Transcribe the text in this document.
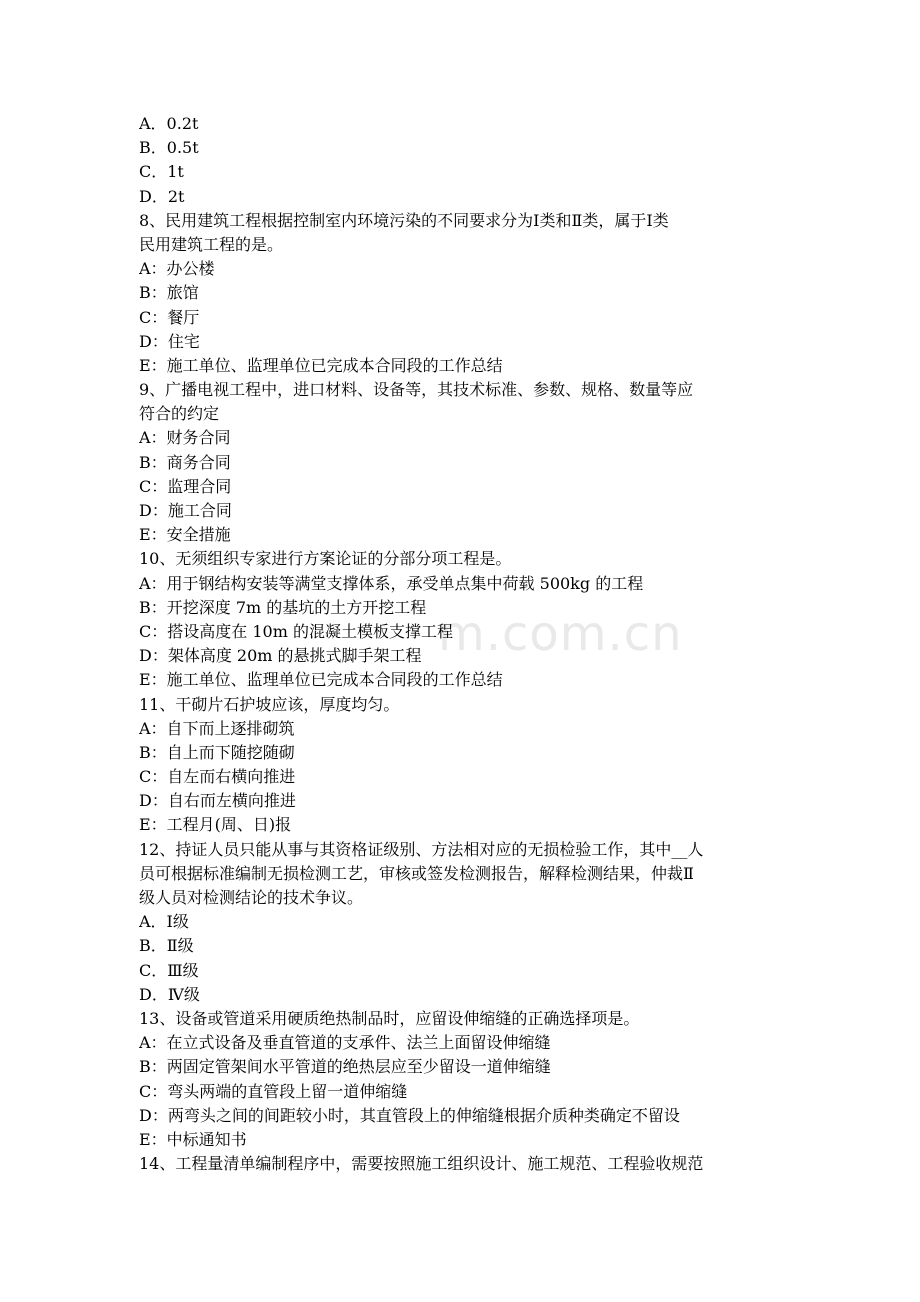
m.com.cn
A．0.2t
B．0.5t
C．1t
D．2t
8、民用建筑工程根据控制室内环境污染的不同要求分为Ⅰ类和Ⅱ类，属于Ⅰ类
民用建筑工程的是。
A：办公楼
B：旅馆
C：餐厅
D：住宅
E：施工单位、监理单位已完成本合同段的工作总结
9、广播电视工程中，进口材料、设备等，其技术标准、参数、规格、数量等应
符合的约定
A：财务合同
B：商务合同
C：监理合同
D：施工合同
E：安全措施
10、无须组织专家进行方案论证的分部分项工程是。
A：用于钢结构安装等满堂支撑体系，承受单点集中荷载 500kg 的工程
B：开挖深度 7m 的基坑的土方开挖工程
C：搭设高度在 10m 的混凝土模板支撑工程
D：架体高度 20m 的悬挑式脚手架工程
E：施工单位、监理单位已完成本合同段的工作总结
11、干砌片石护坡应该，厚度均匀。
A：自下而上逐排砌筑
B：自上而下随挖随砌
C：自左而右横向推进
D：自右而左横向推进
E：工程月(周、日)报
12、持证人员只能从事与其资格证级别、方法相对应的无损检验工作，其中__人
员可根据标准编制无损检测工艺，审核或签发检测报告，解释检测结果，仲裁Ⅱ
级人员对检测结论的技术争议。
A．Ⅰ级
B．Ⅱ级
C．Ⅲ级
D．Ⅳ级
13、设备或管道采用硬质绝热制品时，应留设伸缩缝的正确选择项是。
A：在立式设备及垂直管道的支承件、法兰上面留设伸缩缝
B：两固定管架间水平管道的绝热层应至少留设一道伸缩缝
C：弯头两端的直管段上留一道伸缩缝
D：两弯头之间的间距较小时，其直管段上的伸缩缝根据介质种类确定不留设
E：中标通知书
14、工程量清单编制程序中，需要按照施工组织设计、施工规范、工程验收规范
